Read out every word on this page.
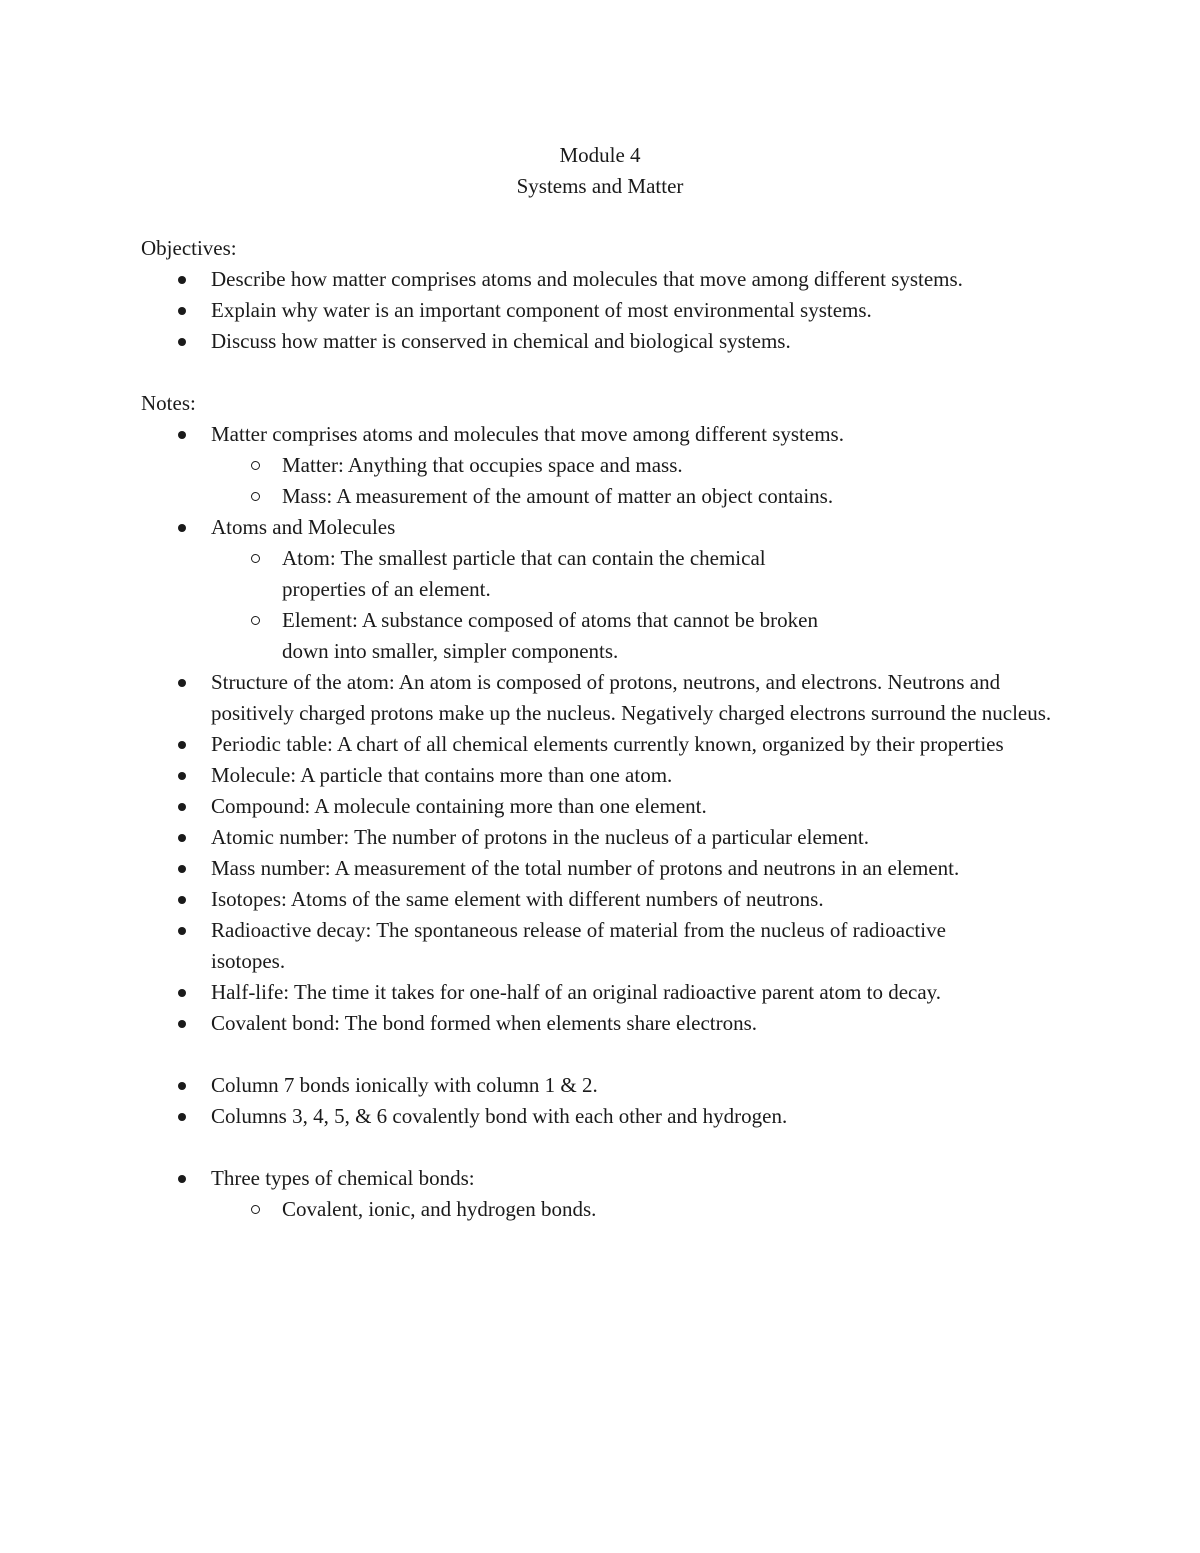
Module 4
Systems and Matter
Objectives:
Describe how matter comprises atoms and molecules that move among different systems.
Explain why water is an important component of most environmental systems.
Discuss how matter is conserved in chemical and biological systems.
Notes:
Matter comprises atoms and molecules that move among different systems.
Matter: Anything that occupies space and mass.
Mass: A measurement of the amount of matter an object contains.
Atoms and Molecules
Atom: The smallest particle that can contain the chemical properties of an element.
Element: A substance composed of atoms that cannot be broken down into smaller, simpler components.
Structure of the atom: An atom is composed of protons, neutrons, and electrons. Neutrons and positively charged protons make up the nucleus. Negatively charged electrons surround the nucleus.
Periodic table: A chart of all chemical elements currently known, organized by their properties
Molecule: A particle that contains more than one atom.
Compound: A molecule containing more than one element.
Atomic number: The number of protons in the nucleus of a particular element.
Mass number: A measurement of the total number of protons and neutrons in an element.
Isotopes: Atoms of the same element with different numbers of neutrons.
Radioactive decay: The spontaneous release of material from the nucleus of radioactive isotopes.
Half-life: The time it takes for one-half of an original radioactive parent atom to decay.
Covalent bond: The bond formed when elements share electrons.
Column 7 bonds ionically with column 1 & 2.
Columns 3, 4, 5, & 6 covalently bond with each other and hydrogen.
Three types of chemical bonds:
Covalent, ionic, and hydrogen bonds.
